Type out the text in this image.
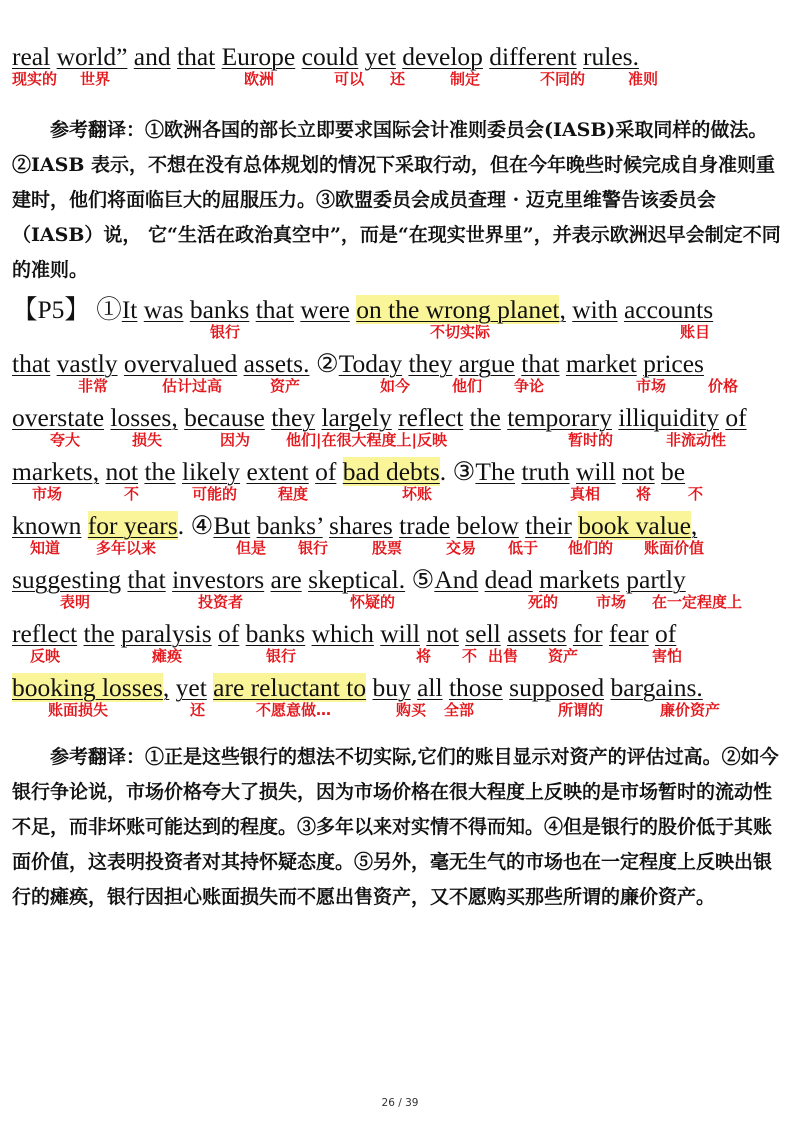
real world” and that Europe could yet develop different rules.
现实的 世界	欧洲	可以 还	制定	不同的	准则

参考翻译：①欧洲各国的部长立即要求国际会计准则委员会(IASB)采取同样的做法。②IASB 表示，不想在没有总体规划的情况下采取行动，但在今年晚些时候完成自身准则重建时，他们将面临巨大的屈服压力。③欧盟委员会成员查理 · 迈克里维警告该委员会（IASB）说， 它“生活在政治真空中”，而是“在现实世界里”，并表示欧洲迟早会制定不同的准则。

【P5】 ①It was banks that were on the wrong planet, with accounts
银行	不切实际	账目
that vastly overvalued assets. ②Today they argue that market prices
非常	估计过高	资产	如今	他们 争论	市场	价格
overstate losses, because they largely reflect the temporary illiquidity of
夸大	损失	因为 他们|在很大程度上|反映	暂时的	非流动性
markets, not the likely extent of bad debts. ③The truth will not be
市场	不	可能的	程度	坏账	真相 将 不
known for years. ④But banks’ shares trade below their book value,
知道 多年以来	但是 银行	股票	交易 低于 他们的 账面价值
suggesting that investors are skeptical. ⑤And dead markets partly
表明	投资者	怀疑的	死的	市场 在一定程度上
reflect the paralysis of banks which will not sell assets for fear of
反映	瘫痪	银行	将 不 出售 资产	害怕
booking losses, yet are reluctant to buy all those supposed bargains.
账面损失	还	不愿意做…	购买 全部	所谓的	廉价资产

参考翻译：①正是这些银行的想法不切实际,它们的账目显示对资产的评估过高。②如今银行争论说，市场价格夸大了损失，因为市场价格在很大程度上反映的是市场暂时的流动性不足，而非坏账可能达到的程度。③多年以来对实情不得而知。④但是银行的股价低于其账面价值，这表明投资者对其持怀疑态度。⑤另外，毫无生气的市场也在一定程度上反映出银行的瘫痪，银行因担心账面损失而不愿出售资产，又不愿购买那些所谓的廉价资产。

26 / 39
